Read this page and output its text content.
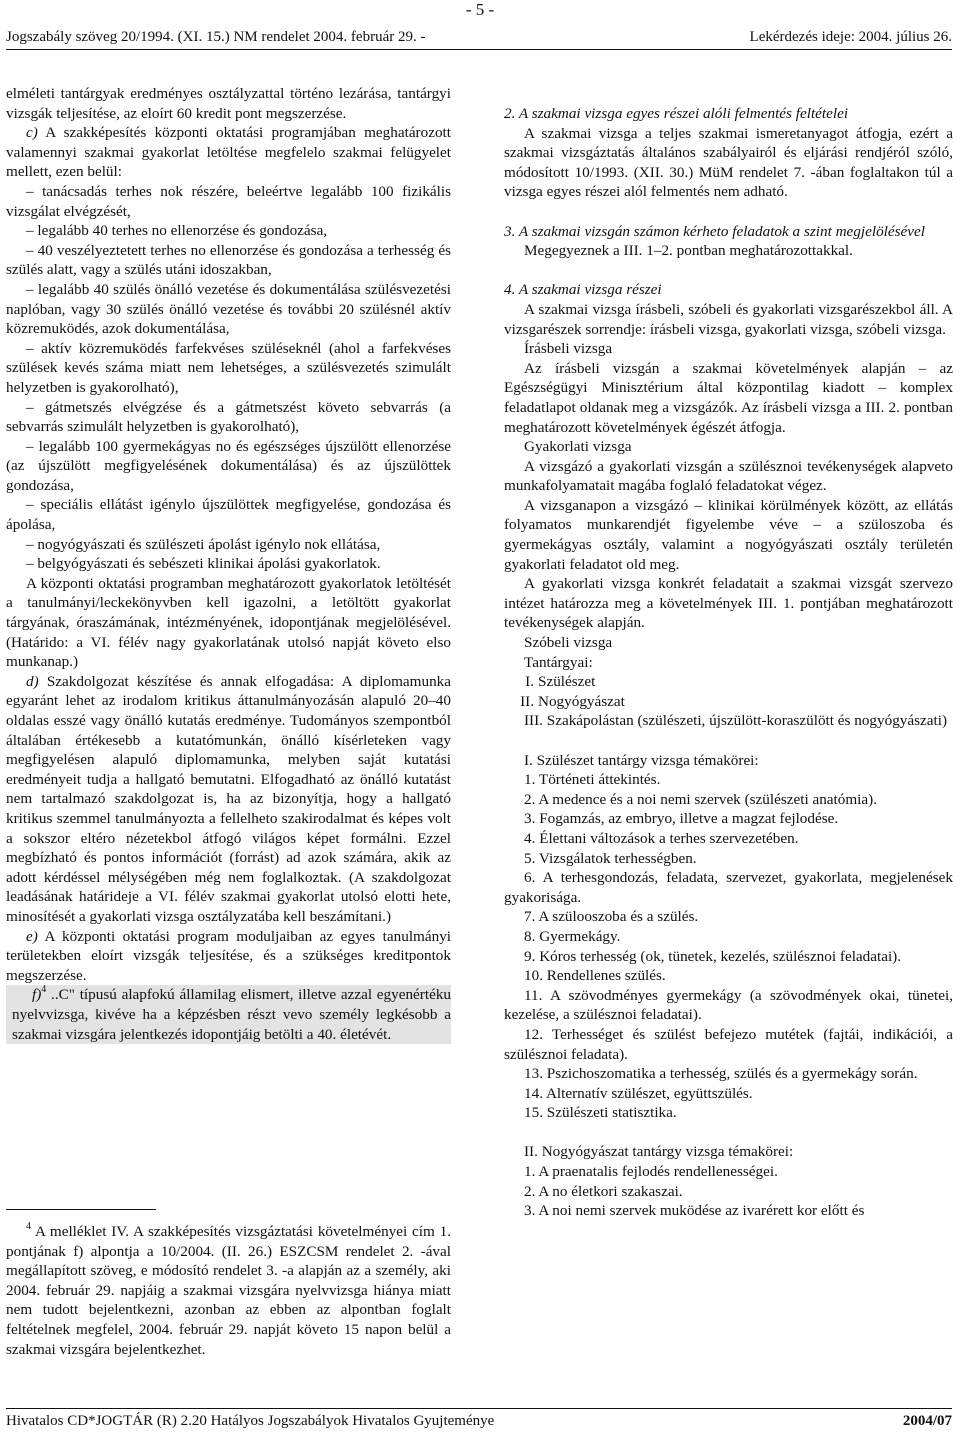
- 5 -
Jogszabály szöveg 20/1994. (XI. 15.) NM rendelet 2004. február 29. -	Lekérdezés ideje: 2004. július 26.

elméleti tantárgyak eredményes osztályzattal történo lezárása, tantárgyi vizsgák teljesítése, az eloírt 60 kredit pont megszerzése.

c) A szakképesítés központi oktatási programjában meghatározott valamennyi szakmai gyakorlat letöltése megfelelo szakmai felügyelet mellett, ezen belül:

– tanácsadás terhes nok részére, beleértve legalább 100 fizikális vizsgálat elvégzését,

– legalább 40 terhes no ellenorzése és gondozása,

– 40 veszélyeztetett terhes no ellenorzése és gondozása a terhesség és szülés alatt, vagy a szülés utáni idoszakban,

– legalább 40 szülés önálló vezetése és dokumentálása szülésvezetési naplóban, vagy 30 szülés önálló vezetése és további 20 szülésnél aktív közremuködés, azok dokumentálása,

– aktív közremuködés farfekvéses szüléseknél (ahol a farfekvéses szülések kevés száma miatt nem lehetséges, a szülésvezetés szimulált helyzetben is gyakorolható),

– gátmetszés elvégzése és a gátmetszést követo sebvarrás (a sebvarrás szimulált helyzetben is gyakorolható),

– legalább 100 gyermekágyas no és egészséges újszülött ellenorzése (az újszülött megfigyelésének dokumentálása) és az újszülöttek gondozása,

– speciális ellátást igénylo újszülöttek megfigyelése, gondozása és ápolása,

– nogyógyászati és szülészeti ápolást igénylo nok ellátása,

– belgyógyászati és sebészeti klinikai ápolási gyakorlatok.

A központi oktatási programban meghatározott gyakorlatok letöltését a tanulmányi/leckekönyvben kell igazolni, a letöltött gyakorlat tárgyának, óraszámának, intézményének, idopontjának megjelölésével. (Határido: a VI. félév nagy gyakorlatának utolsó napját követo elso munkanap.)

d) Szakdolgozat készítése és annak elfogadása: A diplomamunka egyaránt lehet az irodalom kritikus áttanulmányozásán alapuló 20–40 oldalas esszé vagy önálló kutatás eredménye. Tudományos szempontból általában értékesebb a kutatómunkán, önálló kísérleteken vagy megfigyelésen alapuló diplomamunka, melyben saját kutatási eredményeit tudja a hallgató bemutatni. Elfogadható az önálló kutatást nem tartalmazó szakdolgozat is, ha az bizonyítja, hogy a hallgató kritikus szemmel tanulmányozta a fellelheto szakirodalmat és képes volt a sokszor eltéro nézetekbol átfogó világos képet formálni. Ezzel megbízható és pontos információt (forrást) ad azok számára, akik az adott kérdéssel mélységében még nem foglalkoztak. (A szakdolgozat leadásának határideje a VI. félév szakmai gyakorlat utolsó elotti hete, minosítését a gyakorlati vizsga osztályzatába kell beszámítani.)

e) A központi oktatási program moduljaiban az egyes tanulmányi területekben eloírt vizsgák teljesítése, és a szükséges kreditpontok megszerzése.

f)$^4$ ..C" típusú alapfokú államilag elismert, illetve azzal egyenértéku nyelvvizsga, kivéve ha a képzésben részt vevo személy legkésobb a szakmai vizsgára jelentkezés idopontjáig betölti a 40. életévét.

$^4$ A melléklet IV. A szakképesítés vizsgáztatási követelményei cím 1. pontjának f) alpontja a 10/2004. (II. 26.) ESZCSM rendelet 2. -ával megállapított szöveg, e módosító rendelet 3. -a alapján az a személy, aki 2004. február 29. napjáig a szakmai vizsgára nyelvvizsga hiánya miatt nem tudott bejelentkezni, azonban az ebben az alpontban foglalt feltételnek megfelel, 2004. február 29. napját követo 15 napon belül a szakmai vizsgára bejelentkezhet.

2. A szakmai vizsga egyes részei alóli felmentés feltételei

A szakmai vizsga a teljes szakmai ismeretanyagot átfogja, ezért a szakmai vizsgáztatás általános szabályairól és eljárási rendjéról szóló, módosított 10/1993. (XII. 30.) MüM rendelet 7. -ában foglaltakon túl a vizsga egyes részei alól felmentés nem adható.

3. A szakmai vizsgán számon kérheto feladatok a szint megjelölésével

Megegyeznek a III. 1–2. pontban meghatározottakkal.

4. A szakmai vizsga részei

A szakmai vizsga írásbeli, szóbeli és gyakorlati vizsgarészekbol áll. A vizsgarészek sorrendje: írásbeli vizsga, gyakorlati vizsga, szóbeli vizsga.

Írásbeli vizsga

Az írásbeli vizsgán a szakmai követelmények alapján – az Egészségügyi Minisztérium által központilag kiadott – komplex feladatlapot oldanak meg a vizsgázók. Az írásbeli vizsga a III. 2. pontban meghatározott követelmények égészét átfogja.

Gyakorlati vizsga

A vizsgázó a gyakorlati vizsgán a szülésznoi tevékenységek alapveto munkafolyamatait magába foglaló feladatokat végez.

A vizsganapon a vizsgázó – klinikai körülmények között, az ellátás folyamatos munkarendjét figyelembe véve – a szüloszoba és gyermekágyas osztály, valamint a nogyógyászati osztály területén gyakorlati feladatot old meg.

A gyakorlati vizsga konkrét feladatait a szakmai vizsgát szervezo intézet határozza meg a követelmények III. 1. pontjában meghatározott tevékenységek alapján.

Szóbeli vizsga

Tantárgyai:

I. Szülészet

II. Nogyógyászat

III. Szakápolástan (szülészeti, újszülött-koraszülött és nogyógyászati)

I. Szülészet tantárgy vizsga témakörei:

1. Történeti áttekintés.

2. A medence és a noi nemi szervek (szülészeti anatómia).

3. Fogamzás, az embryo, illetve a magzat fejlodése.

4. Élettani változások a terhes szervezetében.

5. Vizsgálatok terhességben.

6. A terhesgondozás, feladata, szervezet, gyakorlata, megjelenések gyakorisága.

7. A szülooszoba és a szülés.

8. Gyermekágy.

9. Kóros terhesség (ok, tünetek, kezelés, szülésznoi feladatai).

10. Rendellenes szülés.

11. A szövodményes gyermekágy (a szövodmények okai, tünetei, kezelése, a szülésznoi feladatai).

12. Terhességet és szülést befejezo mutétek (fajtái, indikációi, a szülésznoi feladata).

13. Pszichoszomatika a terhesség, szülés és a gyermekágy során.

14. Alternatív szülészet, együttszülés.

15. Szülészeti statisztika.

II. Nogyógyászat tantárgy vizsga témakörei:

1. A praenatalis fejlodés rendellenességei.

2. A no életkori szakaszai.

3. A noi nemi szervek muködése az ivarérett kor előtt és

Hivatalos CD*JOGTÁR (R) 2.20 Hatályos Jogszabályok Hivatalos Gyujteménye	2004/07
